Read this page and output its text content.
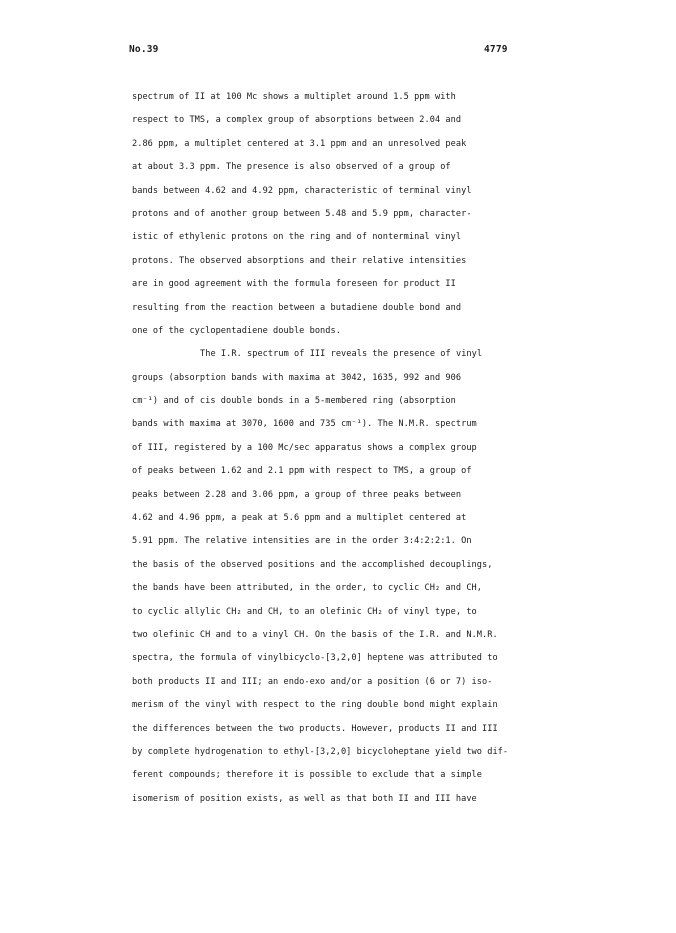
No.39	4779
spectrum of II at 100 Mc shows a multiplet around 1.5 ppm with
respect to TMS, a complex group of absorptions between 2.04 and
2.86 ppm, a multiplet centered at 3.1 ppm and an unresolved peak
at about 3.3 ppm. The presence is also observed of a group of
bands between 4.62 and 4.92 ppm, characteristic of terminal vinyl
protons and of another group between 5.48 and 5.9 ppm, character-
istic of ethylenic protons on the ring and of nonterminal vinyl
protons. The observed absorptions and their relative intensities
are in good agreement with the formula foreseen for product II
resulting from the reaction between a butadiene double bond and
one of the cyclopentadiene double bonds.
The I.R. spectrum of III reveals the presence of vinyl
groups (absorption bands with maxima at 3042, 1635, 992 and 906
cm⁻¹) and of cis double bonds in a 5-membered ring (absorption
bands with maxima at 3070, 1600 and 735 cm⁻¹). The N.M.R. spectrum
of III, registered by a 100 Mc/sec apparatus shows a complex group
of peaks between 1.62 and 2.1 ppm with respect to TMS, a group of
peaks between 2.28 and 3.06 ppm, a group of three peaks between
4.62 and 4.96 ppm, a peak at 5.6 ppm and a multiplet centered at
5.91 ppm. The relative intensities are in the order 3:4:2:2:1. On
the basis of the observed positions and the accomplished decouplings,
the bands have been attributed, in the order, to cyclic CH₂ and CH,
to cyclic allylic CH₂ and CH, to an olefinic CH₂ of vinyl type, to
two olefinic CH and to a vinyl CH. On the basis of the I.R. and N.M.R.
spectra, the formula of vinylbicyclo-[3,2,0] heptene was attributed to
both products II and III; an endo-exo and/or a position (6 or 7) iso-
merism of the vinyl with respect to the ring double bond might explain
the differences between the two products. However, products II and III
by complete hydrogenation to ethyl-[3,2,0] bicycloheptane yield two dif-
ferent compounds; therefore it is possible to exclude that a simple
isomerism of position exists, as well as that both II and III have
